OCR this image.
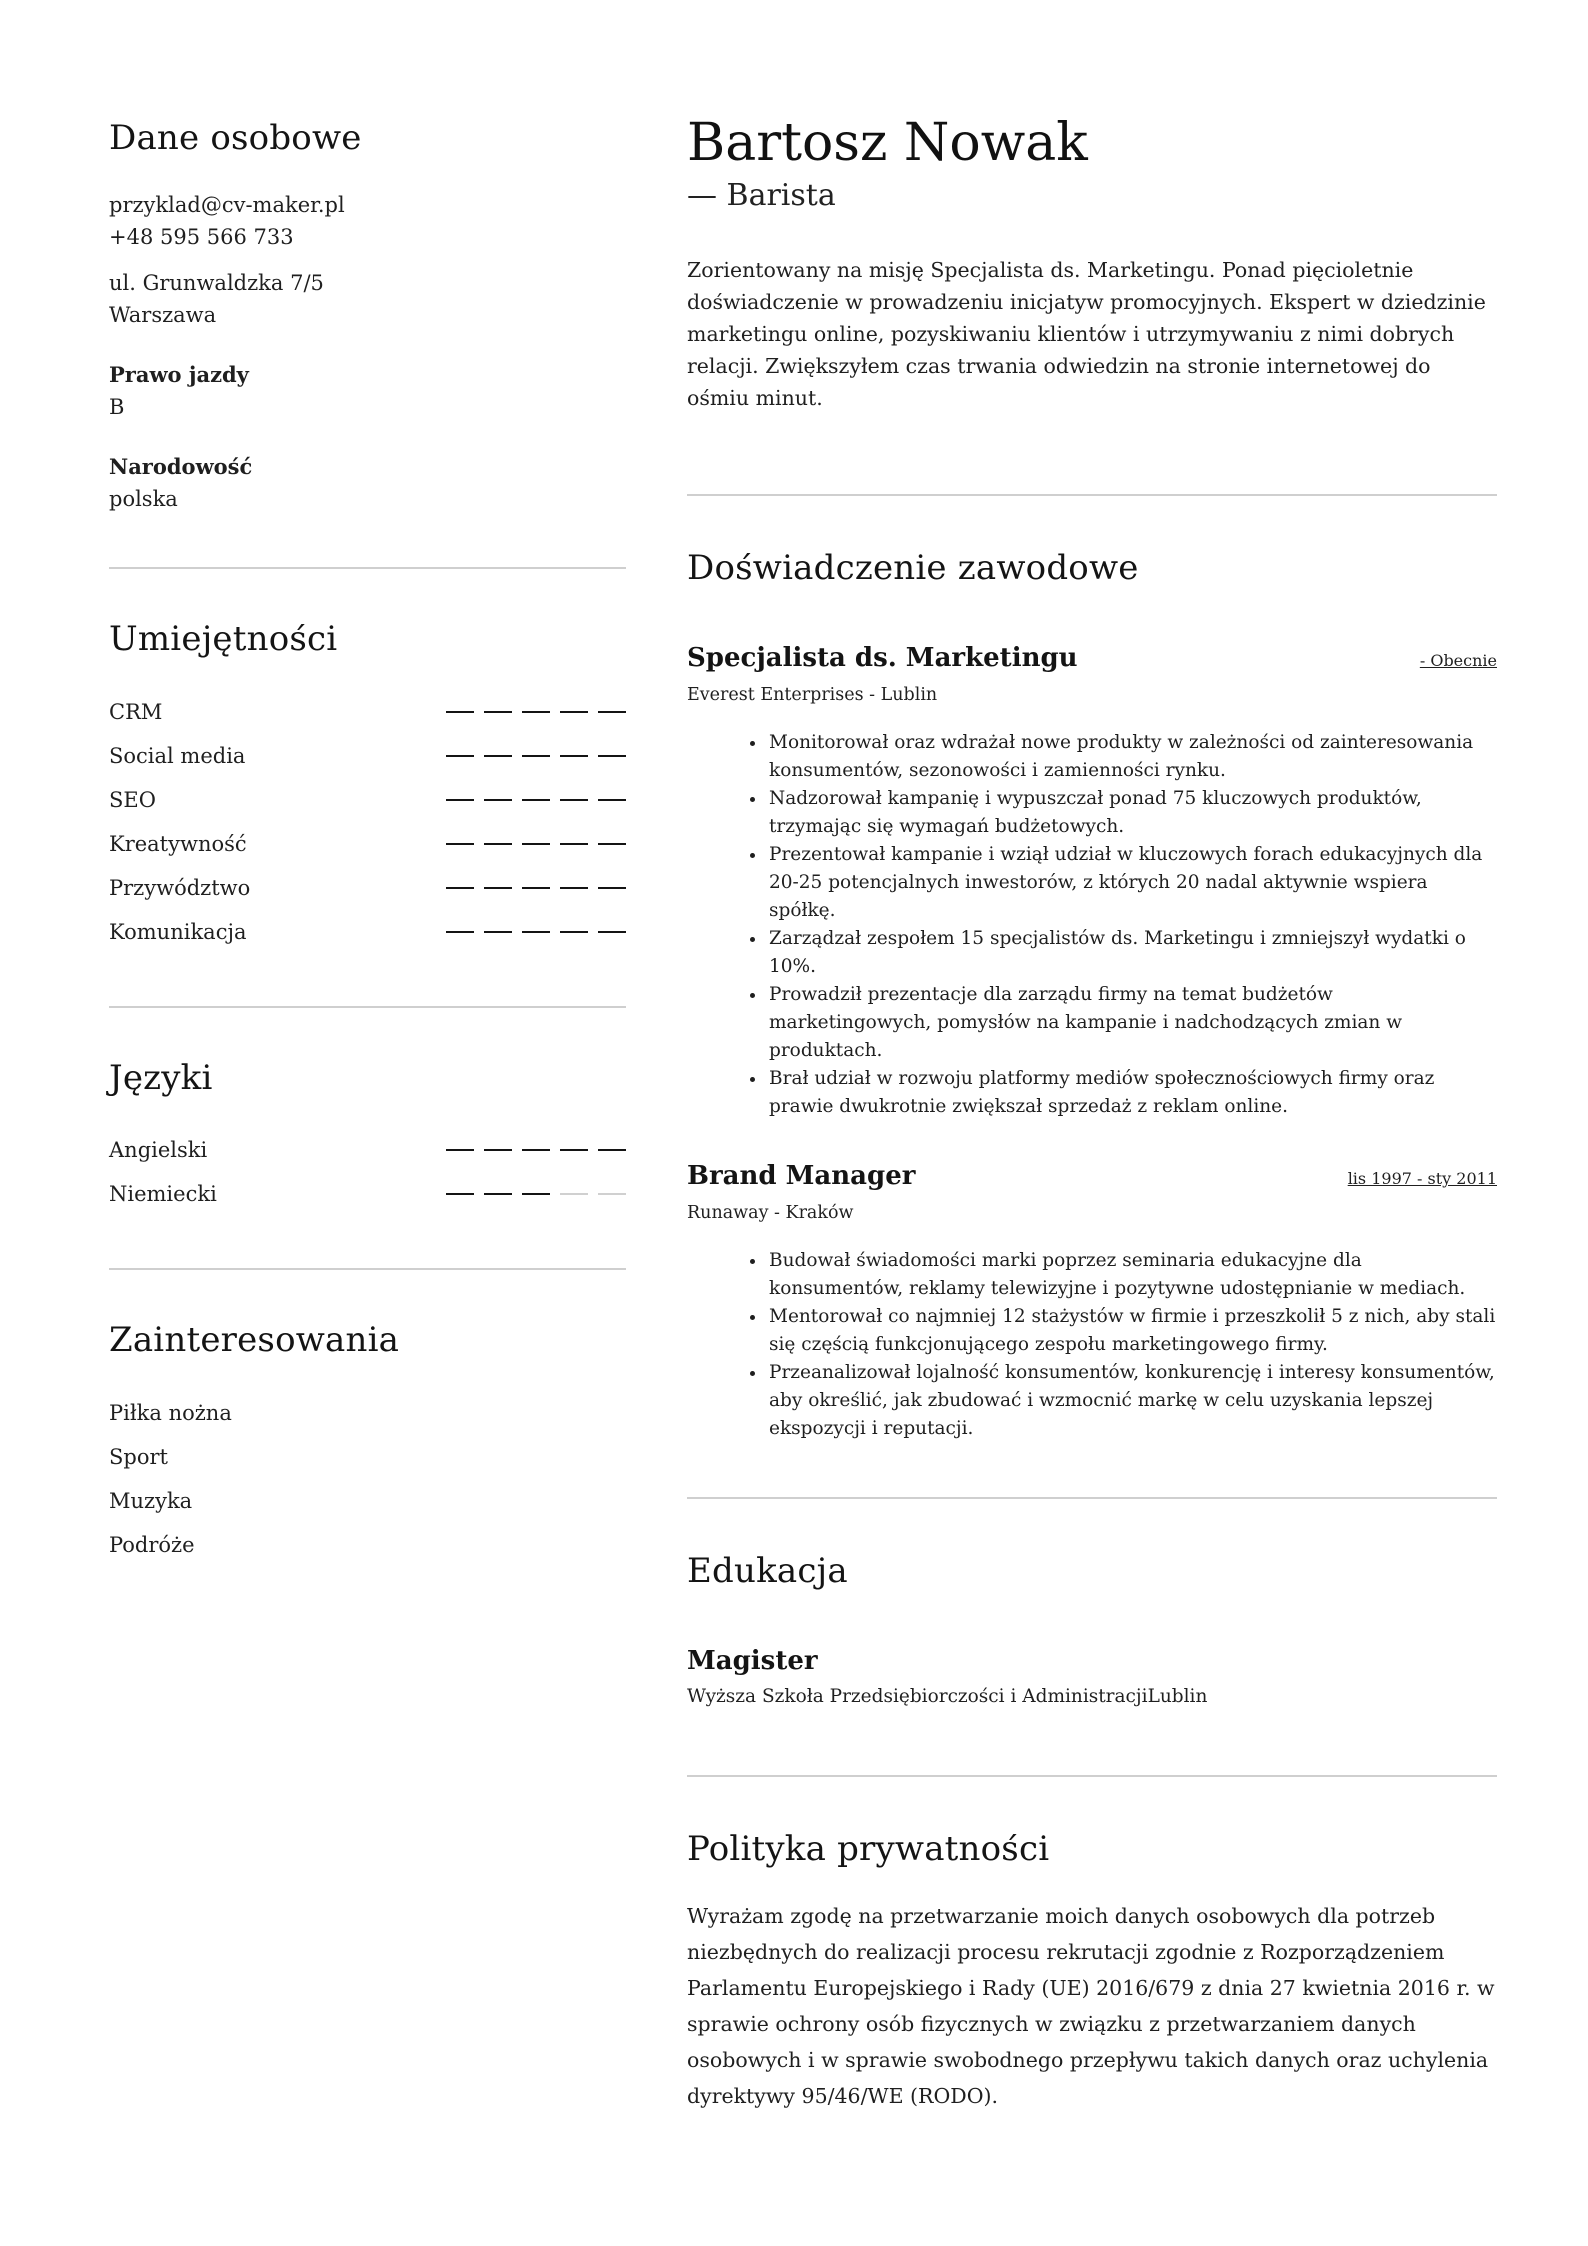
Dane osobowe
przyklad@cv-maker.pl
+48 595 566 733
ul. Grunwaldzka 7/5
Warszawa
Prawo jazdy
B
Narodowość
polska
Umiejętności
CRM
Social media
SEO
Kreatywność
Przywództwo
Komunikacja
Języki
Angielski
Niemiecki
Zainteresowania
Piłka nożna
Sport
Muzyka
Podróże
Bartosz Nowak
— Barista
Zorientowany na misję Specjalista ds. Marketingu. Ponad pięcioletnie doświadczenie w prowadzeniu inicjatyw promocyjnych. Ekspert w dziedzinie marketingu online, pozyskiwaniu klientów i utrzymywaniu z nimi dobrych relacji. Zwiększyłem czas trwania odwiedzin na stronie internetowej do ośmiu minut.
Doświadczenie zawodowe
Specjalista ds. Marketingu	- Obecnie
Everest Enterprises - Lublin
• Monitorował oraz wdrażał nowe produkty w zależności od zainteresowania konsumentów, sezonowości i zamienności rynku.
• Nadzorował kampanię i wypuszczał ponad 75 kluczowych produktów, trzymając się wymagań budżetowych.
• Prezentował kampanie i wziął udział w kluczowych forach edukacyjnych dla 20-25 potencjalnych inwestorów, z których 20 nadal aktywnie wspiera spółkę.
• Zarządzał zespołem 15 specjalistów ds. Marketingu i zmniejszył wydatki o 10%.
• Prowadził prezentacje dla zarządu firmy na temat budżetów marketingowych, pomysłów na kampanie i nadchodzących zmian w produktach.
• Brał udział w rozwoju platformy mediów społecznościowych firmy oraz prawie dwukrotnie zwiększał sprzedaż z reklam online.
Brand Manager	lis 1997 - sty 2011
Runaway - Kraków
• Budował świadomości marki poprzez seminaria edukacyjne dla konsumentów, reklamy telewizyjne i pozytywne udostępnianie w mediach.
• Mentorował co najmniej 12 stażystów w firmie i przeszkolił 5 z nich, aby stali się częścią funkcjonującego zespołu marketingowego firmy.
• Przeanalizował lojalność konsumentów, konkurencję i interesy konsumentów, aby określić, jak zbudować i wzmocnić markę w celu uzyskania lepszej ekspozycji i reputacji.
Edukacja
Magister
Wyższa Szkoła Przedsiębiorczości i AdministracjiLublin
Polityka prywatności
Wyrażam zgodę na przetwarzanie moich danych osobowych dla potrzeb niezbędnych do realizacji procesu rekrutacji zgodnie z Rozporządzeniem Parlamentu Europejskiego i Rady (UE) 2016/679 z dnia 27 kwietnia 2016 r. w sprawie ochrony osób fizycznych w związku z przetwarzaniem danych osobowych i w sprawie swobodnego przepływu takich danych oraz uchylenia dyrektywy 95/46/WE (RODO).
